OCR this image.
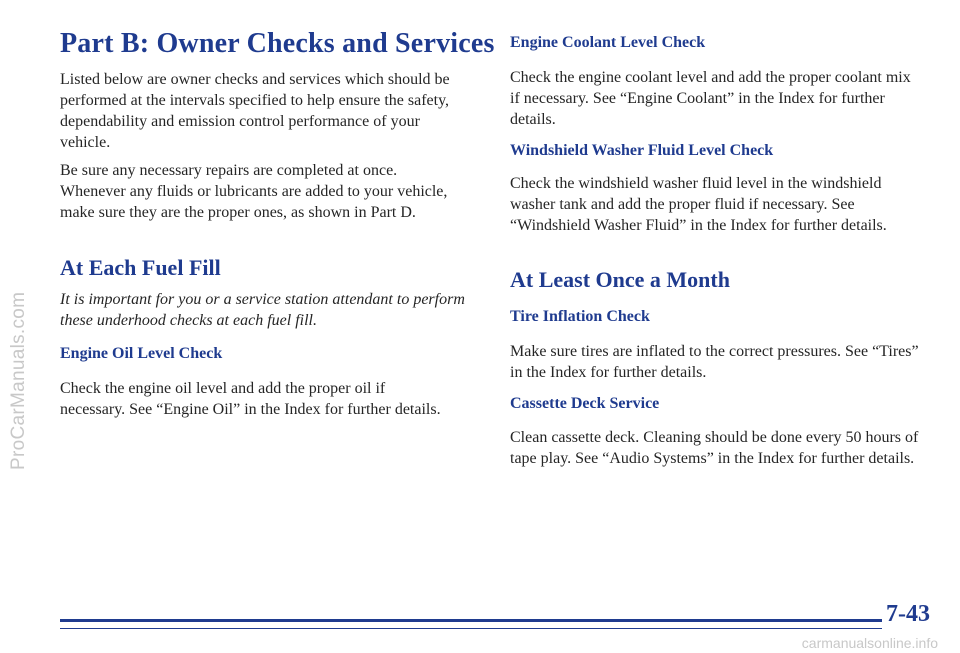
ProCarManuals.com
Part B: Owner Checks and Services

Listed below are owner checks and services which should be performed at the intervals specified to help ensure the safety, dependability and emission control performance of your vehicle.

Be sure any necessary repairs are completed at once. Whenever any fluids or lubricants are added to your vehicle, make sure they are the proper ones, as shown in Part D.

At Each Fuel Fill

It is important for you or a service station attendant to perform these underhood checks at each fuel fill.

Engine Oil Level Check

Check the engine oil level and add the proper oil if necessary. See “Engine Oil” in the Index for further details.

Engine Coolant Level Check

Check the engine coolant level and add the proper coolant mix if necessary. See “Engine Coolant” in the Index for further details.

Windshield Washer Fluid Level Check

Check the windshield washer fluid level in the windshield washer tank and add the proper fluid if necessary. See “Windshield Washer Fluid” in the Index for further details.

At Least Once a Month
Tire Inflation Check

Make sure tires are inflated to the correct pressures. See “Tires” in the Index for further details.

Cassette Deck Service

Clean cassette deck. Cleaning should be done every 50 hours of tape play. See “Audio Systems” in the Index for further details.

7-43
carmanualsonline.info
